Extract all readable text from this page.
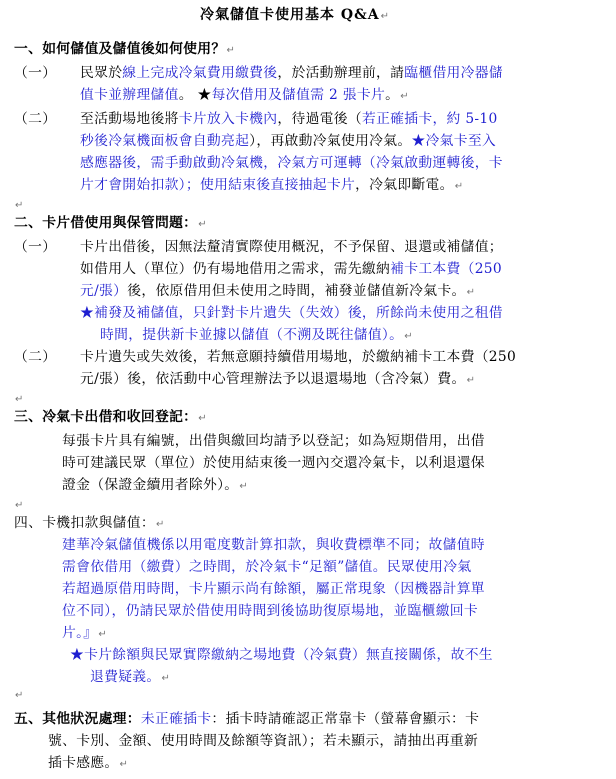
冷氣儲值卡使用基本 Q&A↵
一、如何儲值及儲值後如何使用？↵
（一） 民眾於線上完成冷氣費用繳費後，於活動辦理前，請臨櫃借用冷器儲
值卡並辦理儲值。 ★每次借用及儲值需 2 張卡片。↵
（二） 至活動場地後將卡片放入卡機內，待過電後（若正確插卡，約 5-10
秒後冷氣機面板會自動亮起），再啟動冷氣使用冷氣。★冷氣卡至入
感應器後，需手動啟動冷氣機，冷氣方可運轉（冷氣啟動運轉後，卡
片才會開始扣款）；使用結束後直接抽起卡片，冷氣即斷電。↵
↵
二、卡片借使用與保管問題：↵
（一） 卡片出借後，因無法釐清實際使用概況，不予保留、退還或補儲值；
如借用人（單位）仍有場地借用之需求，需先繳納補卡工本費（250
元/張）後，依原借用但未使用之時間，補發並儲值新冷氣卡。↵
★補發及補儲值，只針對卡片遺失（失效）後，所餘尚未使用之租借
時間，提供新卡並據以儲值（不溯及既往儲值）。↵
（二） 卡片遺失或失效後，若無意願持續借用場地，於繳納補卡工本費（250
元/張）後，依活動中心管理辦法予以退還場地（含冷氣）費。↵
↵
三、冷氣卡出借和收回登記：↵
每張卡片具有編號，出借與繳回均請予以登記；如為短期借用，出借
時可建議民眾（單位）於使用結束後一週內交還冷氣卡，以利退還保
證金（保證金續用者除外）。↵
↵
四、卡機扣款與儲值：↵
建華冷氣儲值機係以用電度數計算扣款，與收費標準不同；故儲值時
需會依借用（繳費）之時間，於冷氣卡“足額”儲值。民眾使用冷氣
若超過原借用時間，卡片顯示尚有餘額，屬正常現象（因機器計算單
位不同），仍請民眾於借使用時間到後協助復原場地，並臨櫃繳回卡
片。』↵
★卡片餘額與民眾實際繳納之場地費（冷氣費）無直接關係，故不生
退費疑義。↵
↵
五、其他狀況處理：未正確插卡：插卡時請確認正常靠卡（螢幕會顯示：卡
號、卡別、金額、使用時間及餘額等資訊）；若未顯示，請抽出再重新
插卡感應。↵
